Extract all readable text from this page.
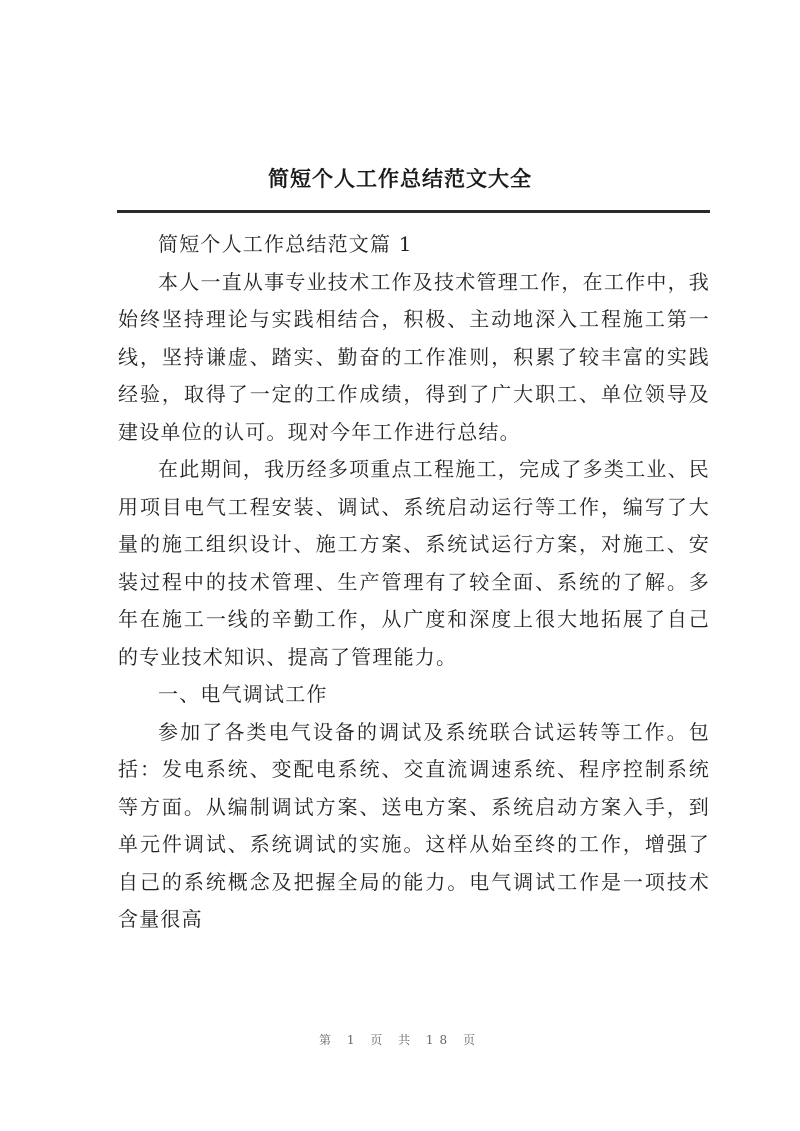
简短个人工作总结范文大全

简短个人工作总结范文篇 1

本人一直从事专业技术工作及技术管理工作，在工作中，我始终坚持理论与实践相结合，积极、主动地深入工程施工第一线，坚持谦虚、踏实、勤奋的工作准则，积累了较丰富的实践经验，取得了一定的工作成绩，得到了广大职工、单位领导及建设单位的认可。现对今年工作进行总结。

在此期间，我历经多项重点工程施工，完成了多类工业、民用项目电气工程安装、调试、系统启动运行等工作，编写了大量的施工组织设计、施工方案、系统试运行方案，对施工、安装过程中的技术管理、生产管理有了较全面、系统的了解。多年在施工一线的辛勤工作，从广度和深度上很大地拓展了自己的专业技术知识、提高了管理能力。

一、电气调试工作

参加了各类电气设备的调试及系统联合试运转等工作。包括：发电系统、变配电系统、交直流调速系统、程序控制系统等方面。从编制调试方案、送电方案、系统启动方案入手，到单元件调试、系统调试的实施。这样从始至终的工作，增强了自己的系统概念及把握全局的能力。电气调试工作是一项技术含量很高

第 1 页 共 18 页
